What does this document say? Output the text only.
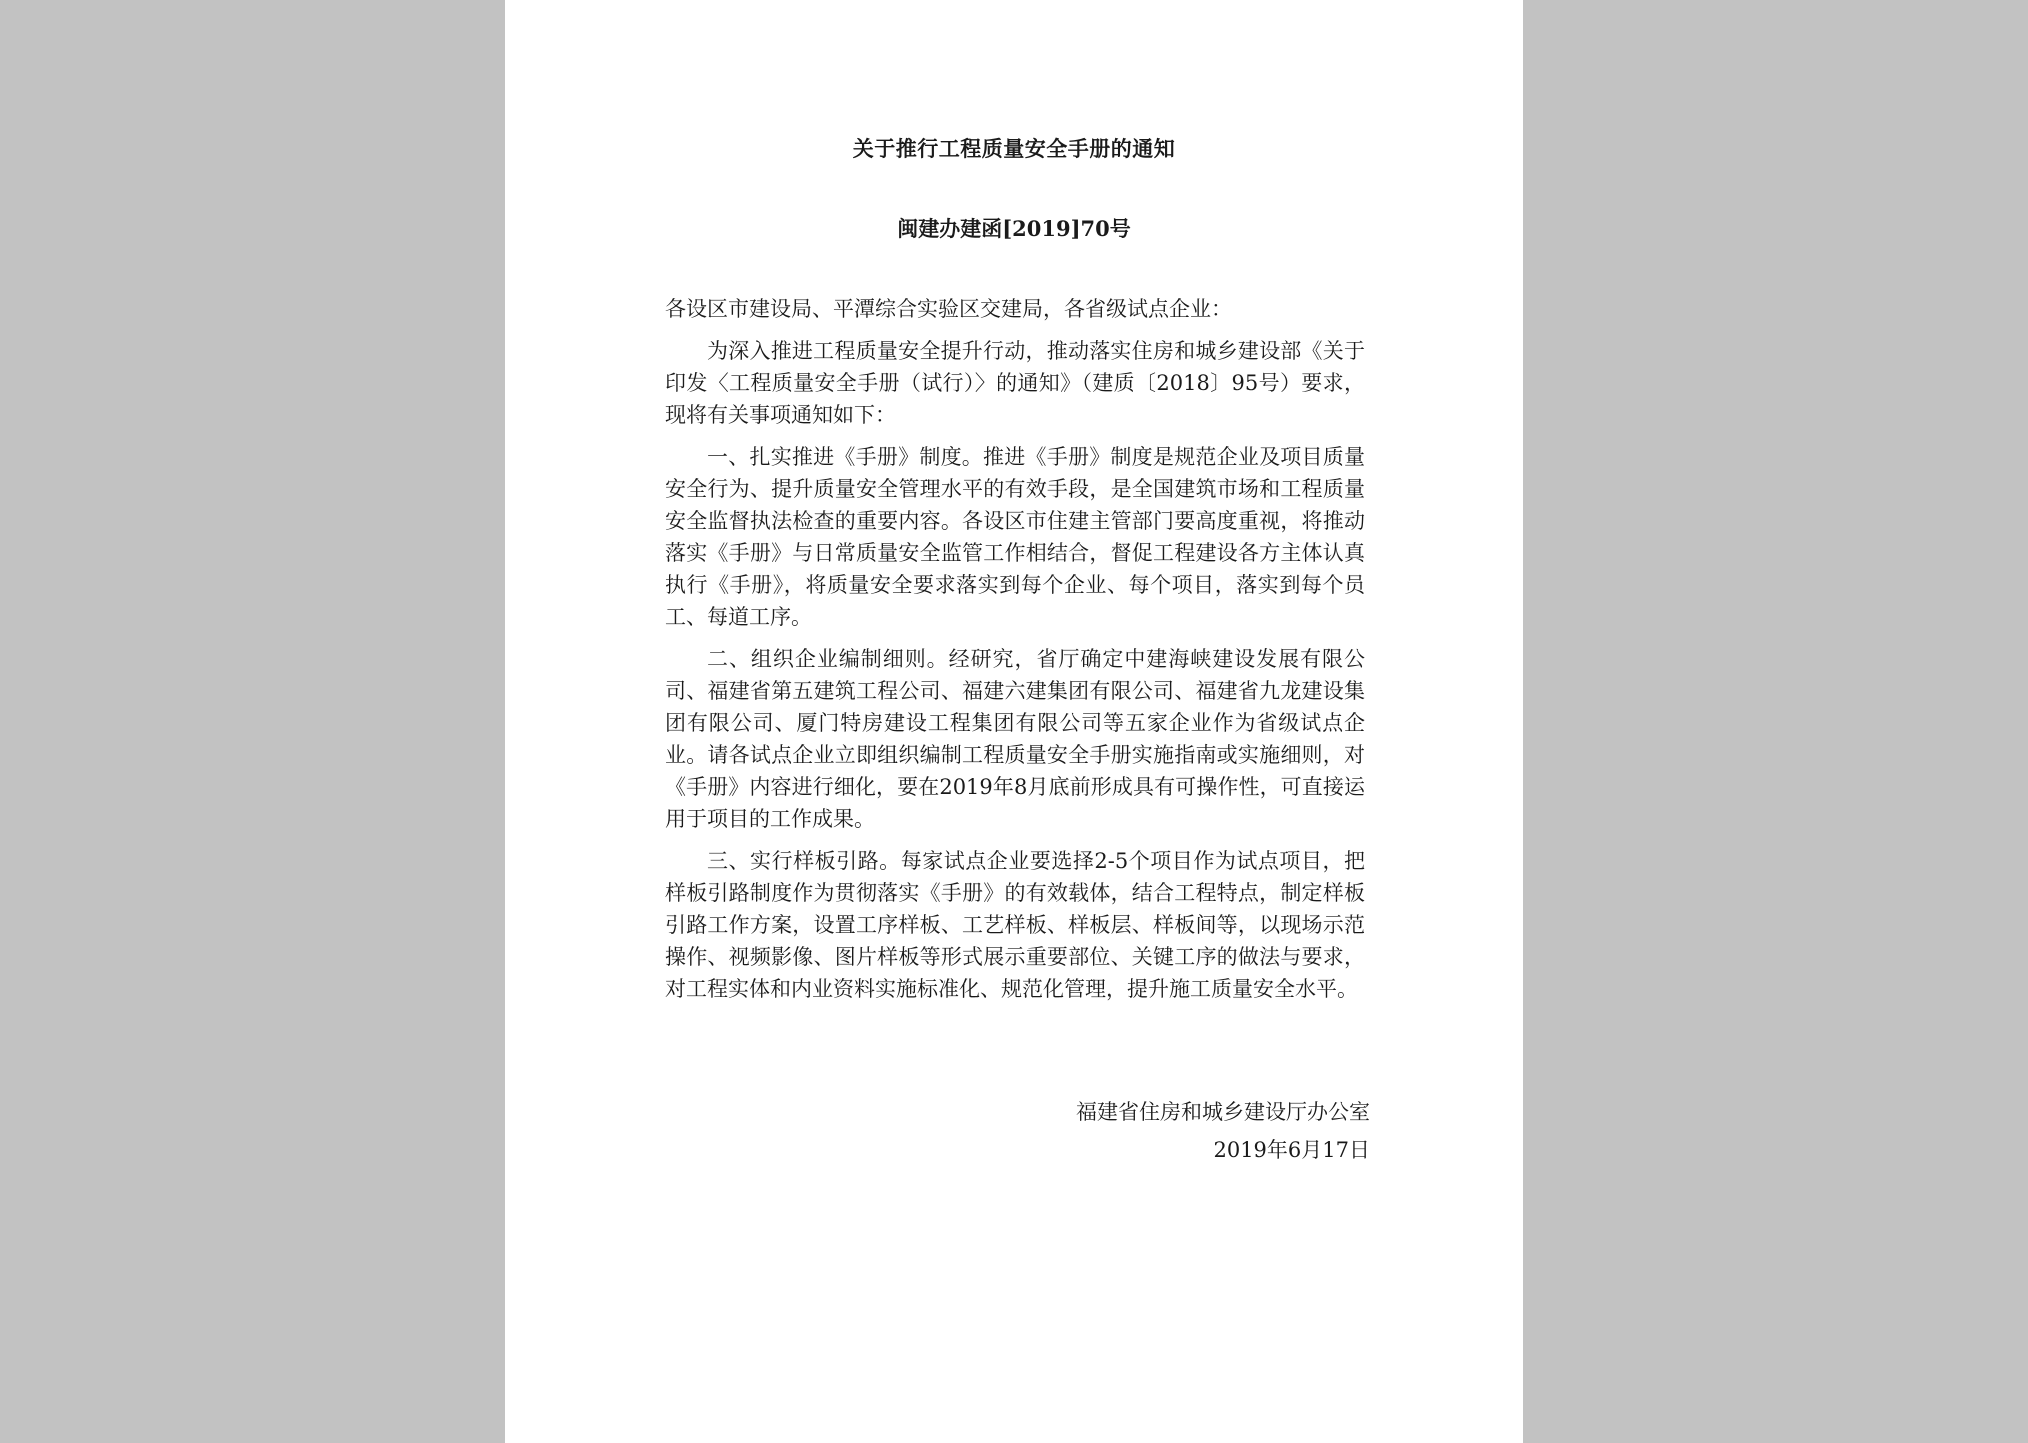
关于推行工程质量安全手册的通知
闽建办建函[2019]70号

各设区市建设局、平潭综合实验区交建局，各省级试点企业：

为深入推进工程质量安全提升行动，推动落实住房和城乡建设部《关于印发〈工程质量安全手册（试行）〉的通知》（建质〔2018〕95号）要求，现将有关事项通知如下：

一、扎实推进《手册》制度。推进《手册》制度是规范企业及项目质量安全行为、提升质量安全管理水平的有效手段，是全国建筑市场和工程质量安全监督执法检查的重要内容。各设区市住建主管部门要高度重视，将推动落实《手册》与日常质量安全监管工作相结合，督促工程建设各方主体认真执行《手册》，将质量安全要求落实到每个企业、每个项目，落实到每个员工、每道工序。

二、组织企业编制细则。经研究，省厅确定中建海峡建设发展有限公司、福建省第五建筑工程公司、福建六建集团有限公司、福建省九龙建设集团有限公司、厦门特房建设工程集团有限公司等五家企业作为省级试点企业。请各试点企业立即组织编制工程质量安全手册实施指南或实施细则，对《手册》内容进行细化，要在2019年8月底前形成具有可操作性，可直接运用于项目的工作成果。

三、实行样板引路。每家试点企业要选择2-5个项目作为试点项目，把样板引路制度作为贯彻落实《手册》的有效载体，结合工程特点，制定样板引路工作方案，设置工序样板、工艺样板、样板层、样板间等，以现场示范操作、视频影像、图片样板等形式展示重要部位、关键工序的做法与要求，对工程实体和内业资料实施标准化、规范化管理，提升施工质量安全水平。

福建省住房和城乡建设厅办公室
2019年6月17日
